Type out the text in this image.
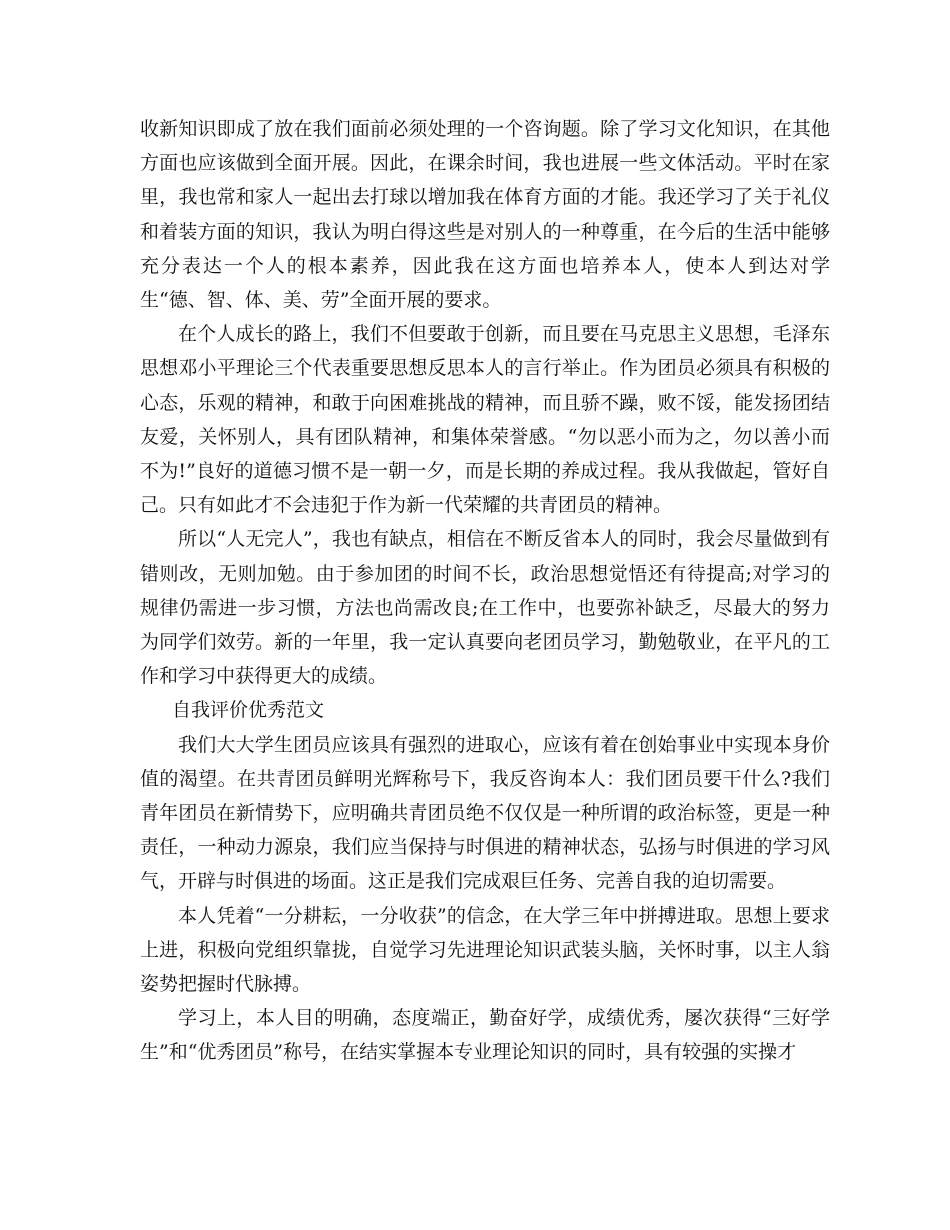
收新知识即成了放在我们面前必须处理的一个咨询题。除了学习文化知识，在其他方面也应该做到全面开展。因此，在课余时间，我也进展一些文体活动。平时在家里，我也常和家人一起出去打球以增加我在体育方面的才能。我还学习了关于礼仪和着装方面的知识，我认为明白得这些是对别人的一种尊重，在今后的生活中能够充分表达一个人的根本素养，因此我在这方面也培养本人，使本人到达对学生“德、智、体、美、劳”全面开展的要求。

在个人成长的路上，我们不但要敢于创新，而且要在马克思主义思想，毛泽东思想邓小平理论三个代表重要思想反思本人的言行举止。作为团员必须具有积极的心态，乐观的精神，和敢于向困难挑战的精神，而且骄不躁，败不馁，能发扬团结友爱，关怀别人，具有团队精神，和集体荣誉感。“勿以恶小而为之，勿以善小而不为!”良好的道德习惯不是一朝一夕，而是长期的养成过程。我从我做起，管好自己。只有如此才不会违犯于作为新一代荣耀的共青团员的精神。

所以“人无完人”，我也有缺点，相信在不断反省本人的同时，我会尽量做到有错则改，无则加勉。由于参加团的时间不长，政治思想觉悟还有待提高;对学习的规律仍需进一步习惯，方法也尚需改良;在工作中，也要弥补缺乏，尽最大的努力为同学们效劳。新的一年里，我一定认真要向老团员学习，勤勉敬业，在平凡的工作和学习中获得更大的成绩。

自我评价优秀范文

我们大大学生团员应该具有强烈的进取心，应该有着在创始事业中实现本身价值的渴望。在共青团员鲜明光辉称号下，我反咨询本人：我们团员要干什么?我们青年团员在新情势下，应明确共青团员绝不仅仅是一种所谓的政治标签，更是一种责任，一种动力源泉，我们应当保持与时俱进的精神状态，弘扬与时俱进的学习风气，开辟与时俱进的场面。这正是我们完成艰巨任务、完善自我的迫切需要。

本人凭着“一分耕耘，一分收获”的信念，在大学三年中拼搏进取。思想上要求上进，积极向党组织靠拢，自觉学习先进理论知识武装头脑，关怀时事，以主人翁姿势把握时代脉搏。

学习上，本人目的明确，态度端正，勤奋好学，成绩优秀，屡次获得“三好学生”和“优秀团员”称号，在结实掌握本专业理论知识的同时，具有较强的实操才
